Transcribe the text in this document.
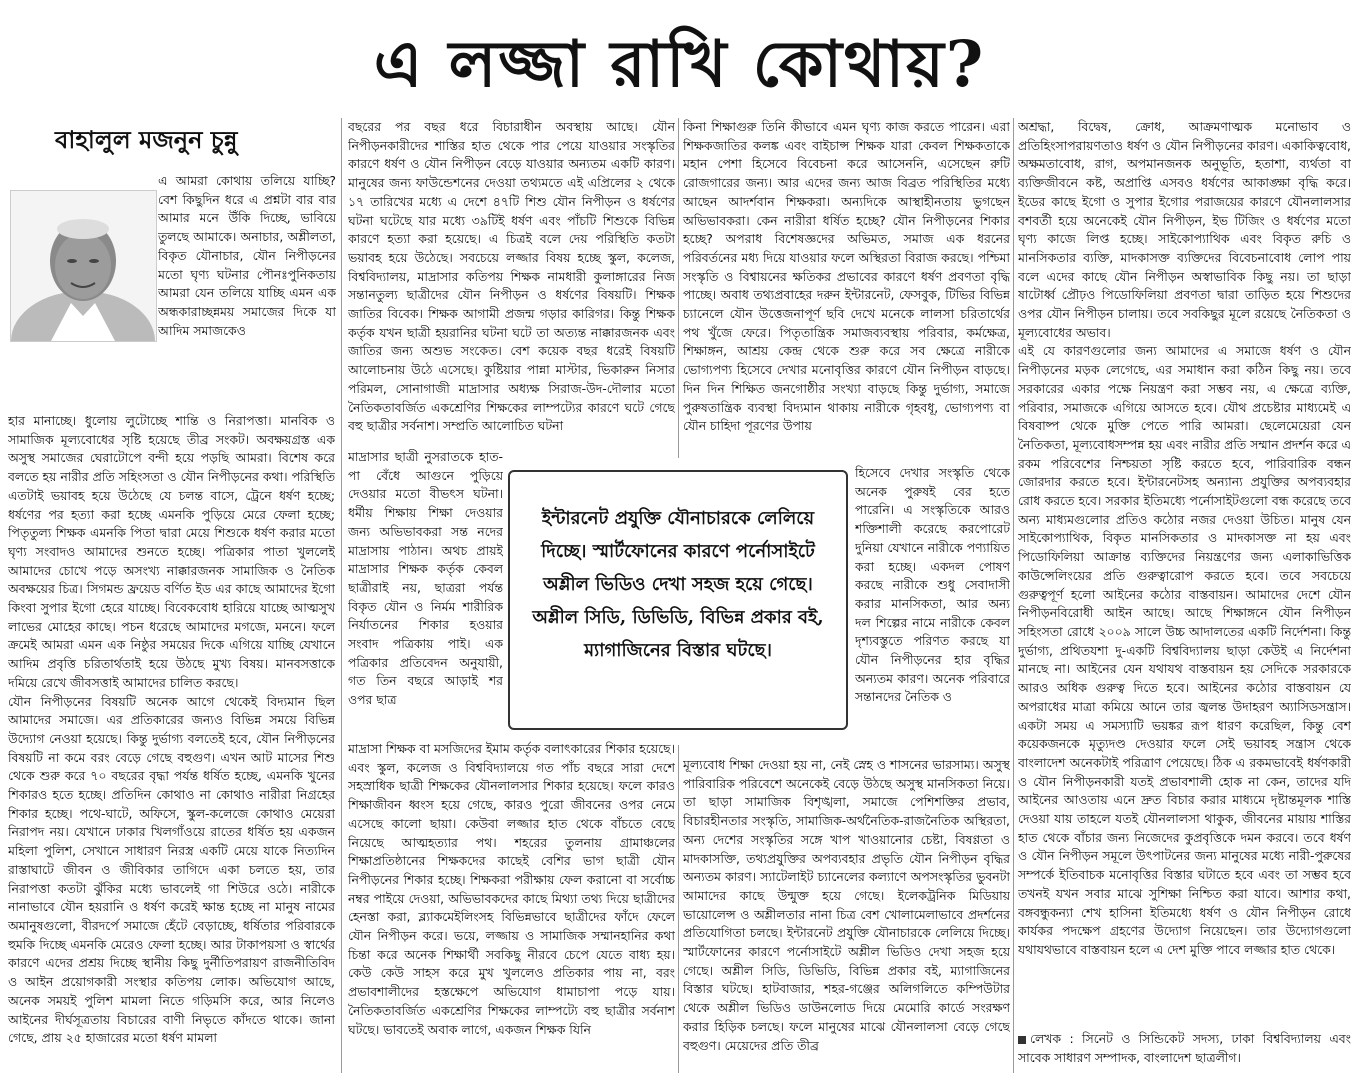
এ লজ্জা রাখি কোথায়?
বাহালুল মজনুন চুন্নু

এ আমরা কোথায় তলিয়ে যাচ্ছি? বেশ কিছুদিন ধরে এ প্রশ্নটা বার বার আমার মনে উঁকি দিচ্ছে, ভাবিয়ে তুলছে আমাকে। অনাচার, অশ্লীলতা, বিকৃত যৌনাচার, যৌন নিপীড়নের মতো ঘৃণ্য ঘটনার পৌনঃপুনিকতায় আমরা যেন তলিয়ে যাচ্ছি এমন এক অন্ধকারাচ্ছন্নময় সমাজের দিকে যা আদিম সমাজকেও

হার মানাচ্ছে। ধুলোয় লুটোচ্ছে শান্তি ও নিরাপত্তা। মানবিক ও সামাজিক মূল্যবোধের সৃষ্টি হয়েছে তীব্র সংকট। অবক্ষয়গ্রস্ত এক অসুস্থ সমাজের ঘেরাটোপে বন্দী হয়ে পড়ছি আমরা। বিশেষ করে বলতে হয় নারীর প্রতি সহিংসতা ও যৌন নিপীড়নের কথা। পরিস্থিতি এতটাই ভয়াবহ হয়ে উঠেছে যে চলন্ত বাসে, ট্রেনে ধর্ষণ হচ্ছে; ধর্ষণের পর হত্যা করা হচ্ছে এমনকি পুড়িয়ে মেরে ফেলা হচ্ছে; পিতৃতুল্য শিক্ষক এমনকি পিতা দ্বারা মেয়ে শিশুকে ধর্ষণ করার মতো ঘৃণ্য সংবাদও আমাদের শুনতে হচ্ছে। পত্রিকার পাতা খুললেই আমাদের চোখে পড়ে অসংখ্য নাক্কারজনক সামাজিক ও নৈতিক অবক্ষয়ের চিত্র। সিগমন্ড ফ্রয়েড বর্ণিত ইড এর কাছে আমাদের ইগো কিংবা সুপার ইগো হেরে যাচ্ছে। বিবেকবোধ হারিয়ে যাচ্ছে আত্মসুখ লাভের মোহের কাছে। পচন ধরেছে আমাদের মগজে, মননে। ফলে ক্রমেই আমরা এমন এক নিষ্ঠুর সময়ের দিকে এগিয়ে যাচ্ছি যেখানে আদিম প্রবৃত্তি চরিতার্থতাই হয়ে উঠছে মুখ্য বিষয়। মানবসত্তাকে দমিয়ে রেখে জীবসত্তাই আমাদের চালিত করছে।

যৌন নিপীড়নের বিষয়টি অনেক আগে থেকেই বিদ্যমান ছিল আমাদের সমাজে। এর প্রতিকারের জন্যও বিভিন্ন সময়ে বিভিন্ন উদ্যোগ নেওয়া হয়েছে। কিন্তু দুর্ভাগ্য বলতেই হবে, যৌন নিপীড়নের বিষয়টি না কমে বরং বেড়ে গেছে বহুগুণ। এখন আট মাসের শিশু থেকে শুরু করে ৭০ বছরের বৃদ্ধা পর্যন্ত ধর্ষিত হচ্ছে, এমনকি খুনের শিকারও হতে হচ্ছে। প্রতিদিন কোথাও না কোথাও নারীরা নিগ্রহের শিকার হচ্ছে। পথে-ঘাটে, অফিসে, স্কুল-কলেজে কোথাও মেয়েরা নিরাপদ নয়। যেখানে ঢাকার খিলগাঁওয়ে রাতের ধর্ষিত হয় একজন মহিলা পুলিশ, সেখানে সাধারণ নিরস্ত্র একটি মেয়ে যাকে নিত্যদিন রাস্তাঘাটে জীবন ও জীবিকার তাগিদে একা চলতে হয়, তার নিরাপত্তা কতটা ঝুঁকির মধ্যে ভাবলেই গা শিউরে ওঠে। নারীকে নানাভাবে যৌন হয়রানি ও ধর্ষণ করেই ক্ষান্ত হচ্ছে না মানুষ নামের অমানুষগুলো, বীরদর্পে সমাজে হেঁটে বেড়াচ্ছে, ধর্ষিতার পরিবারকে হুমকি দিচ্ছে এমনকি মেরেও ফেলা হচ্ছে। আর টাকাপয়সা ও স্বার্থের কারণে এদের প্রশ্রয় দিচ্ছে স্থানীয় কিছু দুর্নীতিপরায়ণ রাজনীতিবিদ ও আইন প্রয়োগকারী সংস্থার কতিপয় লোক। অভিযোগ আছে, অনেক সময়ই পুলিশ মামলা নিতে গড়িমসি করে, আর নিলেও আইনের দীর্ঘসূত্রতায় বিচারের বাণী নিভৃতে কাঁদতে থাকে। জানা গেছে, প্রায় ২৫ হাজারের মতো ধর্ষণ মামলা

বছরের পর বছর ধরে বিচারাধীন অবস্থায় আছে। যৌন নিপীড়নকারীদের শাস্তির হাত থেকে পার পেয়ে যাওয়ার সংস্কৃতির কারণে ধর্ষণ ও যৌন নিপীড়ন বেড়ে যাওয়ার অন্যতম একটি কারণ। মানুষের জন্য ফাউন্ডেশনের দেওয়া তথ্যমতে এই এপ্রিলের ২ থেকে ১৭ তারিখের মধ্যে এ দেশে ৪৭টি শিশু যৌন নিপীড়ন ও ধর্ষণের ঘটনা ঘটেছে যার মধ্যে ৩৯টিই ধর্ষণ এবং পাঁচটি শিশুকে বিভিন্ন কারণে হত্যা করা হয়েছে। এ চিত্রই বলে দেয় পরিস্থিতি কতটা ভয়াবহ হয়ে উঠেছে। সবচেয়ে লজ্জার বিষয় হচ্ছে স্কুল, কলেজ, বিশ্ববিদ্যালয়, মাদ্রাসার কতিপয় শিক্ষক নামধারী কুলাঙ্গারের নিজ সন্তানতুল্য ছাত্রীদের যৌন নিপীড়ন ও ধর্ষণের বিষয়টি। শিক্ষক জাতির বিবেক। শিক্ষক আগামী প্রজন্ম গড়ার কারিগর। কিন্তু শিক্ষক কর্তৃক যখন ছাত্রী হয়রানির ঘটনা ঘটে তা অত্যন্ত নাক্কারজনক এবং জাতির জন্য অশুভ সংকেত। বেশ কয়েক বছর ধরেই বিষয়টি আলোচনায় উঠে এসেছে। কুষ্টিয়ার পান্না মাস্টার, ভিকারুন নিসার পরিমল, সোনাগাজী মাদ্রাসার অধ্যক্ষ সিরাজ-উদ-দৌলার মতো নৈতিকতাবর্জিত একশ্রেণির শিক্ষকের লাম্পট্যের কারণে ঘটে গেছে বহু ছাত্রীর সর্বনাশ। সম্প্রতি আলোচিত ঘটনা

মাদ্রাসার ছাত্রী নুসরাতকে হাত-পা বেঁধে আগুনে পুড়িয়ে দেওয়ার মতো বীভৎস ঘটনা। ধর্মীয় শিক্ষায় শিক্ষা দেওয়ার জন্য অভিভাবকরা সন্ত নদের মাদ্রাসায় পাঠান। অথচ প্রায়ই মাদ্রাসার শিক্ষক কর্তৃক কেবল ছাত্রীরাই নয়, ছাত্ররা পর্যন্ত বিকৃত যৌন ও নির্মম শারীরিক নির্যাতনের শিকার হওয়ার সংবাদ পত্রিকায় পাই। এক পত্রিকার প্রতিবেদন অনুযায়ী, গত তিন বছরে আড়াই শর ওপর ছাত্র

মাদ্রাসা শিক্ষক বা মসজিদের ইমাম কর্তৃক বলাৎকারের শিকার হয়েছে। এবং স্কুল, কলেজ ও বিশ্ববিদ্যালয়ে গত পাঁচ বছরে সারা দেশে সহস্রাধিক ছাত্রী শিক্ষকের যৌনলালসার শিকার হয়েছে। ফলে কারও শিক্ষাজীবন ধ্বংস হয়ে গেছে, কারও পুরো জীবনের ওপর নেমে এসেছে কালো ছায়া। কেউবা লজ্জার হাত থেকে বাঁচতে বেছে নিয়েছে আত্মহত্যার পথ। শহরের তুলনায় গ্রামাঞ্চলের শিক্ষাপ্রতিষ্ঠানের শিক্ষকদের কাছেই বেশির ভাগ ছাত্রী যৌন নিপীড়নের শিকার হচ্ছে। শিক্ষকরা পরীক্ষায় ফেল করানো বা সর্বোচ্চ নম্বর পাইয়ে দেওয়া, অভিভাবকদের কাছে মিথ্যা তথ্য দিয়ে ছাত্রীদের হেনস্তা করা, ব্ল্যাকমেইলিংসহ বিভিন্নভাবে ছাত্রীদের ফাঁদে ফেলে যৌন নিপীড়ন করে। ভয়ে, লজ্জায় ও সামাজিক সম্মানহানির কথা চিন্তা করে অনেক শিক্ষার্থী সবকিছু নীরবে চেপে যেতে বাধ্য হয়। কেউ কেউ সাহস করে মুখ খুললেও প্রতিকার পায় না, বরং প্রভাবশালীদের হস্তক্ষেপে অভিযোগ ধামাচাপা পড়ে যায়। নৈতিকতাবর্জিত একশ্রেণির শিক্ষকের লাম্পট্যে বহু ছাত্রীর সর্বনাশ ঘটছে। ভাবতেই অবাক লাগে, একজন শিক্ষক যিনি

কিনা শিক্ষাগুরু তিনি কীভাবে এমন ঘৃণ্য কাজ করতে পারেন। এরা শিক্ষকজাতির কলঙ্ক এবং বাইচান্স শিক্ষক যারা কেবল শিক্ষকতাকে মহান পেশা হিসেবে বিবেচনা করে আসেননি, এসেছেন রুটি রোজগারের জন্য। আর এদের জন্য আজ বিব্রত পরিস্থিতির মধ্যে আছেন আদর্শবান শিক্ষকরা। অন্যদিকে আস্থাহীনতায় ভুগছেন অভিভাবকরা। কেন নারীরা ধর্ষিত হচ্ছে? যৌন নিপীড়নের শিকার হচ্ছে? অপরাধ বিশেষজ্ঞদের অভিমত, সমাজ এক ধরনের পরিবর্তনের মধ্য দিয়ে যাওয়ার ফলে অস্থিরতা বিরাজ করছে। পশ্চিমা সংস্কৃতি ও বিশ্বায়নের ক্ষতিকর প্রভাবের কারণে ধর্ষণ প্রবণতা বৃদ্ধি পাচ্ছে। অবাধ তথ্যপ্রবাহের দরুন ইন্টারনেট, ফেসবুক, টিভির বিভিন্ন চ্যানেলে যৌন উত্তেজনাপূর্ণ ছবি দেখে মনেকে লালসা চরিতার্থের পথ খুঁজে ফেরে। পিতৃতান্ত্রিক সমাজব্যবস্থায় পরিবার, কর্মক্ষেত্র, শিক্ষাঙ্গন, আশ্রয় কেন্দ্র থেকে শুরু করে সব ক্ষেত্রে নারীকে ভোগ্যপণ্য হিসেবে দেখার মনোবৃত্তির কারণে যৌন নিপীড়ন বাড়ছে। দিন দিন শিক্ষিত জনগোষ্ঠীর সংখ্যা বাড়ছে কিন্তু দুর্ভাগ্য, সমাজে পুরুষতান্ত্রিক ব্যবস্থা বিদ্যমান থাকায় নারীকে গৃহবধূ, ভোগ্যপণ্য বা যৌন চাহিদা পূরণের উপায়

হিসেবে দেখার সংস্কৃতি থেকে অনেক পুরুষই বের হতে পারেনি। এ সংস্কৃতিকে আরও শক্তিশালী করেছে করপোরেট দুনিয়া যেখানে নারীকে পণ্যায়িত করা হচ্ছে। একদল পোষণ করছে নারীকে শুধু সেবাদাসী করার মানসিকতা, আর অন্য দল শিল্পের নামে নারীকে কেবল দৃশ্যবস্তুতে পরিণত করছে যা যৌন নিপীড়নের হার বৃদ্ধির অন্যতম কারণ। অনেক পরিবারে সন্তানদের নৈতিক ও

মূল্যবোধ শিক্ষা দেওয়া হয় না, নেই স্নেহ ও শাসনের ভারসাম্য। অসুস্থ পারিবারিক পরিবেশে অনেকেই বেড়ে উঠছে অসুস্থ মানসিকতা নিয়ে। তা ছাড়া সামাজিক বিশৃঙ্খলা, সমাজে পেশিশক্তির প্রভাব, বিচারহীনতার সংস্কৃতি, সামাজিক-অর্থনৈতিক-রাজনৈতিক অস্থিরতা, অন্য দেশের সংস্কৃতির সঙ্গে খাপ খাওয়ানোর চেষ্টা, বিষণ্ণতা ও মাদকাসক্তি, তথ্যপ্রযুক্তির অপব্যবহার প্রভৃতি যৌন নিপীড়ন বৃদ্ধির অন্যতম কারণ। স্যাটেলাইট চ্যানেলের কল্যাণে অপসংস্কৃতির ভুবনটা আমাদের কাছে উন্মুক্ত হয়ে গেছে। ইলেকট্রনিক মিডিয়ায় ভায়োলেন্স ও অশ্লীলতার নানা চিত্র বেশ খোলামেলাভাবে প্রদর্শনের প্রতিযোগিতা চলছে। ইন্টারনেট প্রযুক্তি যৌনাচারকে লেলিয়ে দিচ্ছে। স্মার্টফোনের কারণে পর্নোসাইটে অশ্লীল ভিডিও দেখা সহজ হয়ে গেছে। অশ্লীল সিডি, ডিভিডি, বিভিন্ন প্রকার বই, ম্যাগাজিনের বিস্তার ঘটছে। হাটবাজার, শহর-গঞ্জের অলিগলিতে কম্পিউটার থেকে অশ্লীল ভিডিও ডাউনলোড দিয়ে মেমোরি কার্ডে সংরক্ষণ করার হিড়িক চলছে। ফলে মানুষের মাঝে যৌনলালসা বেড়ে গেছে বহুগুণ। মেয়েদের প্রতি তীব্র

অশ্রদ্ধা, বিদ্বেষ, ক্রোধ, আক্রমণাত্মক মনোভাব ও প্রতিহিংসাপরায়ণতাও ধর্ষণ ও যৌন নিপীড়নের কারণ। একাকিত্ববোধ, অক্ষমতাবোধ, রাগ, অপমানজনক অনুভূতি, হতাশা, ব্যর্থতা বা ব্যক্তিজীবনে কষ্ট, অপ্রাপ্তি এসবও ধর্ষণের আকাঙ্ক্ষা বৃদ্ধি করে। ইডের কাছে ইগো ও সুপার ইগোর পরাজয়ের কারণে যৌনলালসার বশবর্তী হয়ে অনেকেই যৌন নিপীড়ন, ইভ টিজিং ও ধর্ষণের মতো ঘৃণ্য কাজে লিপ্ত হচ্ছে। সাইকোপ্যাথিক এবং বিকৃত রুচি ও মানসিকতার ব্যক্তি, মাদকাসক্ত ব্যক্তিদের বিবেচনাবোধ লোপ পায় বলে এদের কাছে যৌন নিপীড়ন অস্বাভাবিক কিছু নয়। তা ছাড়া ষাটোর্ধ্ব প্রৌঢ়ও পিডোফিলিয়া প্রবণতা দ্বারা তাড়িত হয়ে শিশুদের ওপর যৌন নিপীড়ন চালায়। তবে সবকিছুর মূলে রয়েছে নৈতিকতা ও মূল্যবোধের অভাব।

এই যে কারণগুলোর জন্য আমাদের এ সমাজে ধর্ষণ ও যৌন নিপীড়নের মড়ক লেগেছে, এর সমাধান করা কঠিন কিছু নয়। তবে সরকারের একার পক্ষে নিয়ন্ত্রণ করা সম্ভব নয়, এ ক্ষেত্রে ব্যক্তি, পরিবার, সমাজকে এগিয়ে আসতে হবে। যৌথ প্রচেষ্টার মাধ্যমেই এ বিষবাষ্প থেকে মুক্তি পেতে পারি আমরা। ছেলেমেয়েরা যেন নৈতিকতা, মূল্যবোধসম্পন্ন হয় এবং নারীর প্রতি সম্মান প্রদর্শন করে এ রকম পরিবেশের নিশ্চয়তা সৃষ্টি করতে হবে, পারিবারিক বন্ধন জোরদার করতে হবে। ইন্টারনেটসহ অন্যান্য প্রযুক্তির অপব্যবহার রোধ করতে হবে। সরকার ইতিমধ্যে পর্নোসাইটগুলো বন্ধ করেছে তবে অন্য মাধ্যমগুলোর প্রতিও কঠোর নজর দেওয়া উচিত। মানুষ যেন সাইকোপ্যাথিক, বিকৃত মানসিকতার ও মাদকাসক্ত না হয় এবং পিডোফিলিয়া আক্রান্ত ব্যক্তিদের নিয়ন্ত্রণের জন্য এলাকাভিত্তিক কাউন্সেলিংয়ের প্রতি গুরুত্বারোপ করতে হবে। তবে সবচেয়ে গুরুত্বপূর্ণ হলো আইনের কঠোর বাস্তবায়ন। আমাদের দেশে যৌন নিপীড়নবিরোধী আইন আছে। আছে শিক্ষাঙ্গনে যৌন নিপীড়ন সহিংসতা রোধে ২০০৯ সালে উচ্চ আদালতের একটি নির্দেশনা। কিন্তু দুর্ভাগ্য, প্রথিতযশা দু-একটি বিশ্ববিদ্যালয় ছাড়া কেউই এ নির্দেশনা মানছে না। আইনের যেন যথাযথ বাস্তবায়ন হয় সেদিকে সরকারকে আরও অধিক গুরুত্ব দিতে হবে। আইনের কঠোর বাস্তবায়ন যে অপরাধের মাত্রা কমিয়ে আনে তার জ্বলন্ত উদাহরণ অ্যাসিডসন্ত্রাস। একটা সময় এ সমস্যাটি ভয়ঙ্কর রূপ ধারণ করেছিল, কিন্তু বেশ কয়েকজনকে মৃত্যুদণ্ড দেওয়ার ফলে সেই ভয়াবহ সন্ত্রাস থেকে বাংলাদেশ অনেকটাই পরিত্রাণ পেয়েছে। ঠিক এ রকমভাবেই ধর্ষণকারী ও যৌন নিপীড়নকারী যতই প্রভাবশালী হোক না কেন, তাদের যদি আইনের আওতায় এনে দ্রুত বিচার করার মাধ্যমে দৃষ্টান্তমূলক শাস্তি দেওয়া যায় তাহলে যতই যৌনলালসা থাকুক, জীবনের মায়ায় শাস্তির হাত থেকে বাঁচার জন্য নিজেদের কুপ্রবৃত্তিকে দমন করবে। তবে ধর্ষণ ও যৌন নিপীড়ন সমূলে উৎপাটনের জন্য মানুষের মধ্যে নারী-পুরুষের সম্পর্কে ইতিবাচক মনোবৃত্তির বিস্তার ঘটাতে হবে এবং তা সম্ভব হবে তখনই যখন সবার মাঝে সুশিক্ষা নিশ্চিত করা যাবে। আশার কথা, বঙ্গবন্ধুকন্যা শেখ হাসিনা ইতিমধ্যে ধর্ষণ ও যৌন নিপীড়ন রোধে কার্যকর পদক্ষেপ গ্রহণের উদ্যোগ নিয়েছেন। তার উদ্যোগগুলো যথাযথভাবে বাস্তবায়ন হলে এ দেশ মুক্তি পাবে লজ্জার হাত থেকে।

লেখক : সিনেট ও সিন্ডিকেট সদস্য, ঢাকা বিশ্ববিদ্যালয় এবং সাবেক সাধারণ সম্পাদক, বাংলাদেশ ছাত্রলীগ।

ইন্টারনেট প্রযুক্তি যৌনাচারকে লেলিয়ে দিচ্ছে। স্মার্টফোনের কারণে পর্নোসাইটে অশ্লীল ভিডিও দেখা সহজ হয়ে গেছে। অশ্লীল সিডি, ডিভিডি, বিভিন্ন প্রকার বই, ম্যাগাজিনের বিস্তার ঘটছে।
